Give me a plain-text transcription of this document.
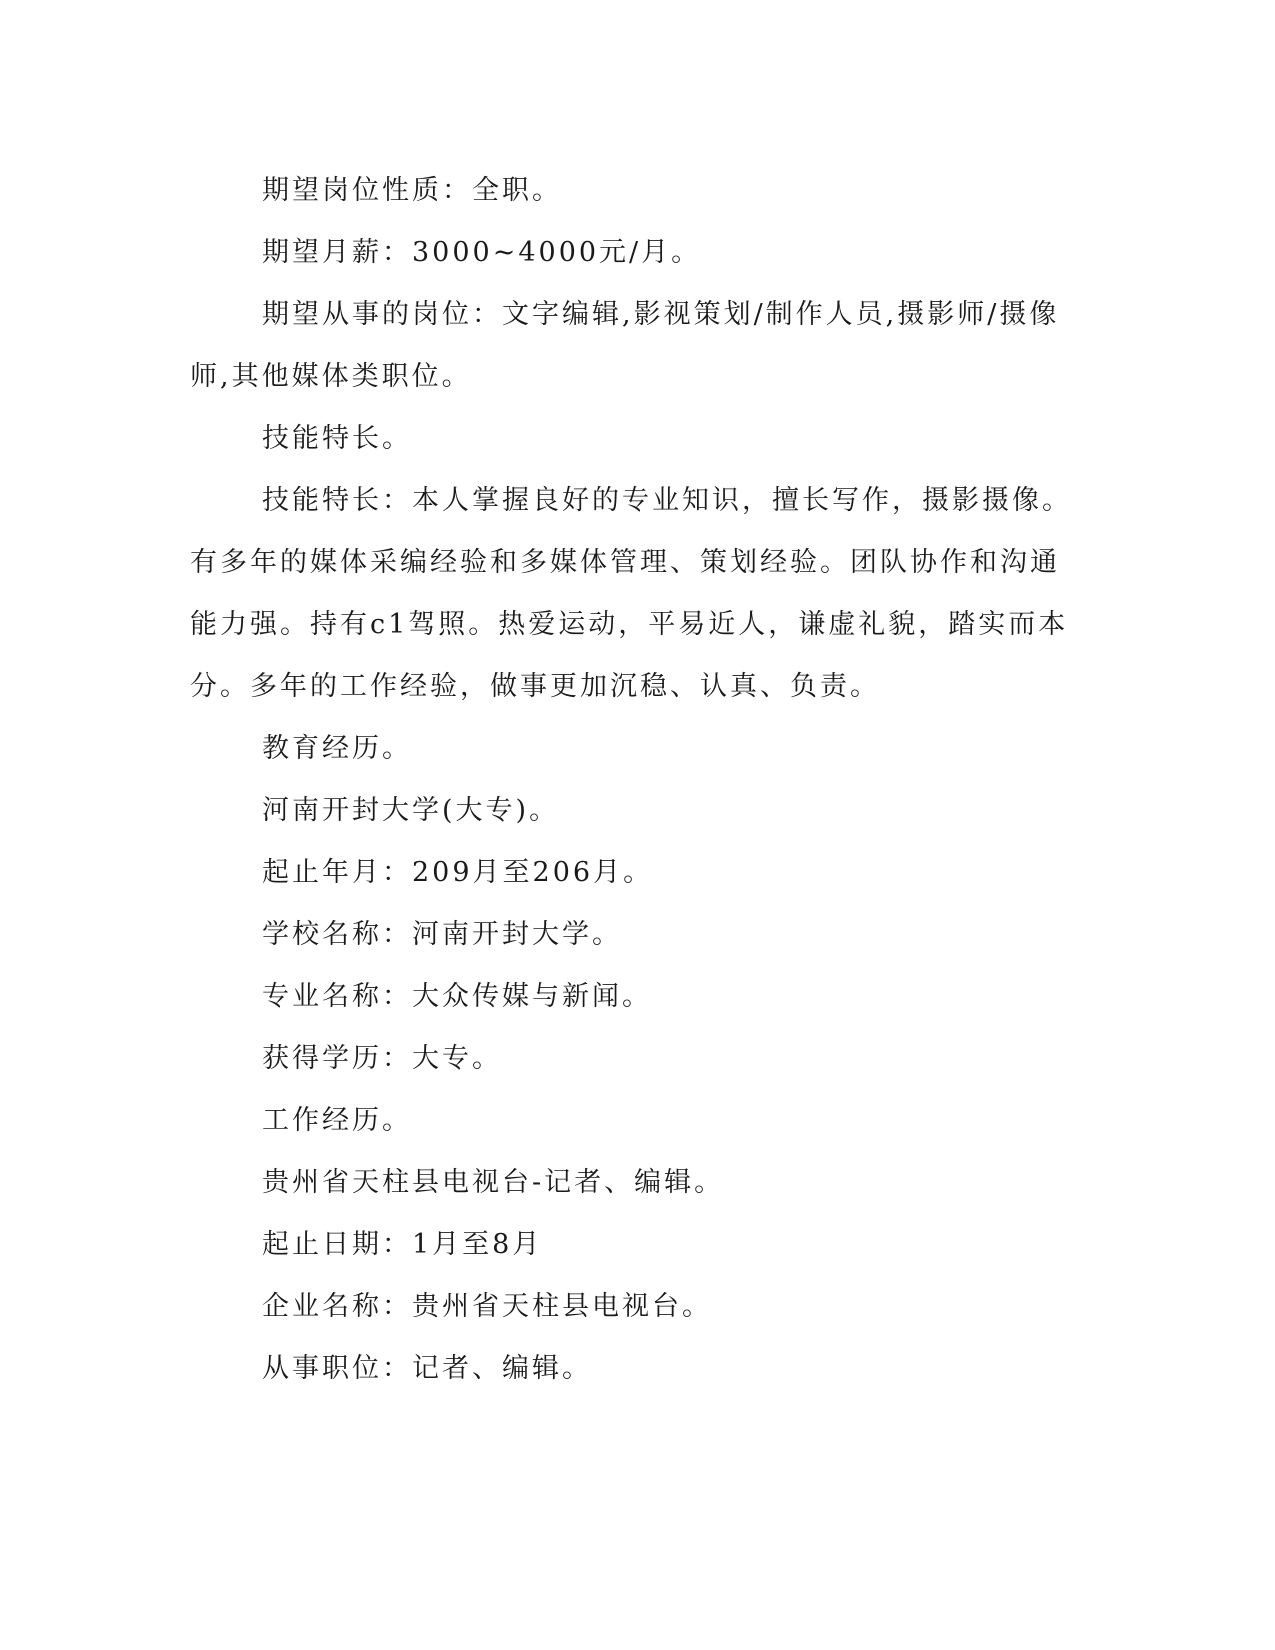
期望岗位性质：全职。

期望月薪：3000~4000元/月。

期望从事的岗位：文字编辑,影视策划/制作人员,摄影师/摄像师,其他媒体类职位。

技能特长。

技能特长：本人掌握良好的专业知识，擅长写作，摄影摄像。有多年的媒体采编经验和多媒体管理、策划经验。团队协作和沟通能力强。持有c1驾照。热爱运动，平易近人，谦虚礼貌，踏实而本分。多年的工作经验，做事更加沉稳、认真、负责。

教育经历。

河南开封大学(大专)。

起止年月：209月至206月。

学校名称：河南开封大学。

专业名称：大众传媒与新闻。

获得学历：大专。

工作经历。

贵州省天柱县电视台-记者、编辑。

起止日期：1月至8月

企业名称：贵州省天柱县电视台。

从事职位：记者、编辑。
